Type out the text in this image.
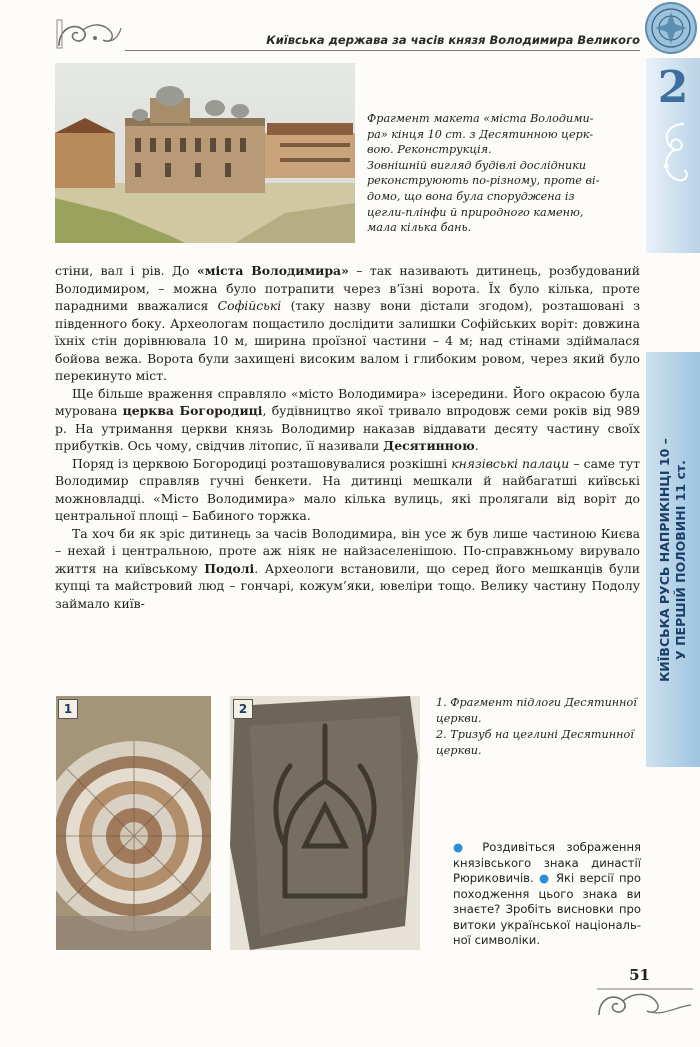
Київська держава за часів князя Володимира Великого
2
КИЇВСЬКА РУСЬ НАПРИКІНЦІ 10 – У ПЕРШІЙ ПОЛОВИНІ 11 ст.
Фрагмент макета «міста Володими-
ра» кінця 10 ст. з Десятинною церк-
вою. Реконструкція.
Зовнішній вигляд будівлі дослідники
реконструюють по-різному, проте ві-
домо, що вона була споруджена із
цегли-плінфи й природного каменю,
мала кілька бань.

стіни, вал і рів. До «міста Володимира» – так називають дитинець, розбудований Володимиром, – можна було потрапити через в’їзні ворота. Їх було кілька, проте парадними вважалися Софійські (таку назву вони дістали згодом), розташовані з південного боку. Археологам пощастило дослідити залишки Софійських воріт: довжина їхніх стін дорівнювала 10 м, ширина проїзної частини – 4 м; над стінами здіймалася бойова вежа. Ворота були захищені високим валом і глибоким ровом, через який було перекинуто міст.

Ще більше враження справляло «місто Володимира» ізсередини. Його окрасою була мурована церква Богородиці, будівництво якої тривало впродовж семи років від 989 р. На утримання церкви князь Володимир наказав віддавати десяту частину своїх прибутків. Ось чому, свідчив літопис, її називали Десятинною.

Поряд із церквою Богородиці розташовувалися розкішні князівські палаци – саме тут Володимир справляв гучні бенкети. На дитинці мешкали й найбагатші київські можновладці. «Місто Володимира» мало кілька вулиць, які пролягали від воріт до центральної площі – Бабиного торжка.

Та хоч би як зріс дитинець за часів Володимира, він усе ж був лише частиною Києва – нехай і центральною, проте аж ніяк не найзаселенішою. По-справжньому вирувало життя на київському Подолі. Археологи встановили, що серед його мешканців були купці та майстровий люд – гончарі, кожум’яки, ювеліри тощо. Велику частину Подолу займало київ-

1	2	1. Фрагмент підлоги Десятинної церкви.
2. Тризуб на цеглині Десятинної церкви.
● Роздивіться зображення князівського знака династії Рюриковичів. ● Які версії про походження цього знака ви знаєте? Зробіть висновки про витоки української національної символіки.
51
